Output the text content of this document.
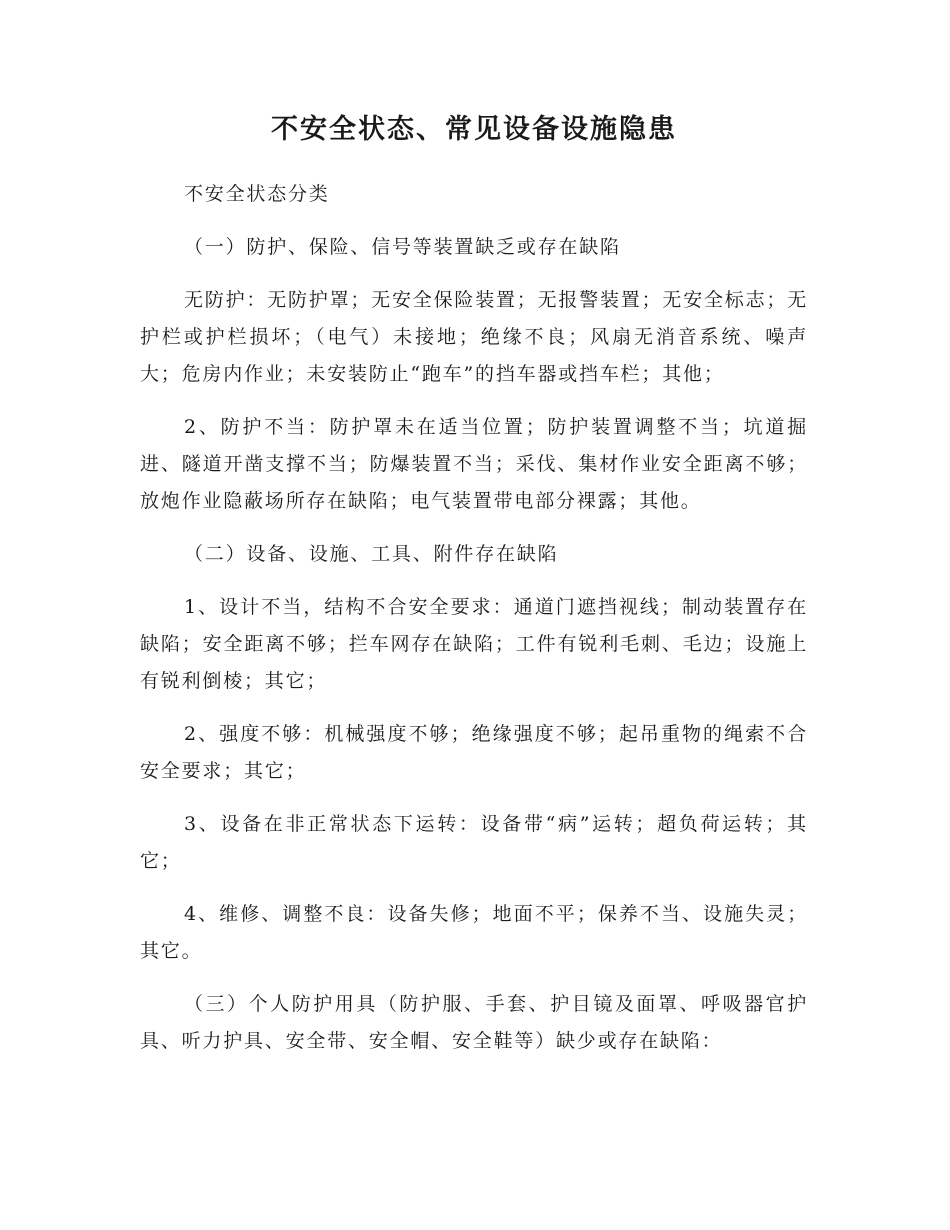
不安全状态、常见设备设施隐患

不安全状态分类

（一）防护、保险、信号等装置缺乏或存在缺陷

无防护：无防护罩；无安全保险装置；无报警装置；无安全标志；无护栏或护栏损坏；（电气）未接地；绝缘不良；风扇无消音系统、噪声大；危房内作业；未安装防止“跑车”的挡车器或挡车栏；其他；

2、防护不当：防护罩未在适当位置；防护装置调整不当；坑道掘进、隧道开凿支撑不当；防爆装置不当；采伐、集材作业安全距离不够；放炮作业隐蔽场所存在缺陷；电气装置带电部分裸露；其他。

（二）设备、设施、工具、附件存在缺陷

1、设计不当，结构不合安全要求：通道门遮挡视线；制动装置存在缺陷；安全距离不够；拦车网存在缺陷；工件有锐利毛刺、毛边；设施上有锐利倒棱；其它；

2、强度不够：机械强度不够；绝缘强度不够；起吊重物的绳索不合安全要求；其它；

3、设备在非正常状态下运转：设备带“病”运转；超负荷运转；其它；

4、维修、调整不良：设备失修；地面不平；保养不当、设施失灵；其它。

（三）个人防护用具（防护服、手套、护目镜及面罩、呼吸器官护具、听力护具、安全带、安全帽、安全鞋等）缺少或存在缺陷：
